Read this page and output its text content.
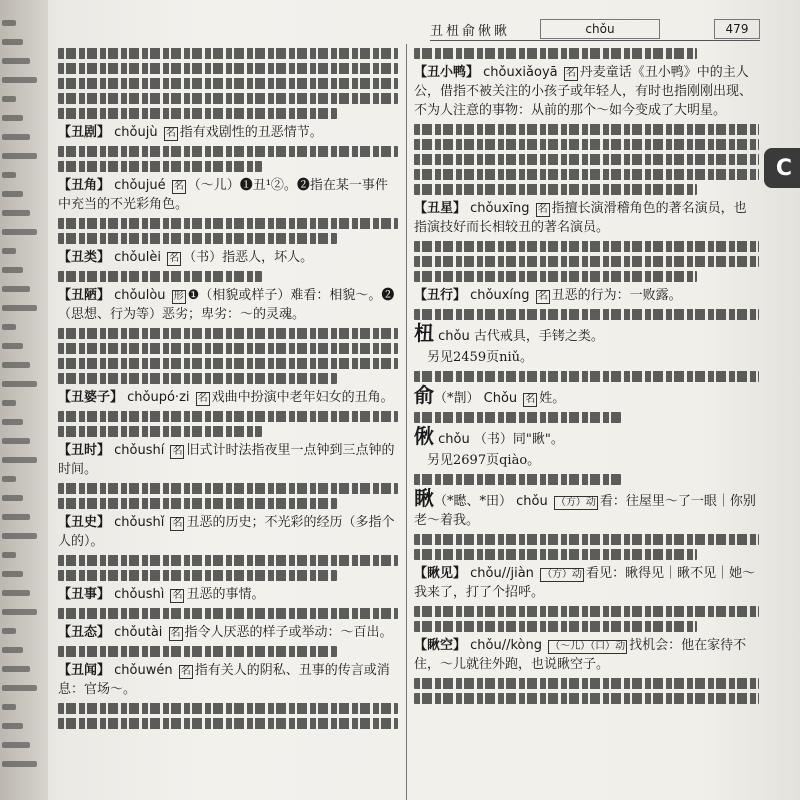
丑杻俞偢瞅	chǒu	479
【丑剧】 chǒujù 名 指有戏剧性的丑恶情节。
【丑角】 chǒujué 名 （～儿）❶丑¹②。❷指在某一事件中充当的不光彩角色。
【丑类】 chǒulèi 名 （书）指恶人，坏人。
【丑陋】 chǒulòu 形 ❶（相貌或样子）难看：相貌～。❷（思想、行为等）恶劣；卑劣：～的灵魂。
【丑婆子】 chǒupó·zi 名 戏曲中扮演中老年妇女的丑角。
【丑时】 chǒushí 名 旧式计时法指夜里一点钟到三点钟的时间。
【丑史】 chǒushǐ 名 丑恶的历史；不光彩的经历（多指个人的）。
【丑事】 chǒushì 名 丑恶的事情。
【丑态】 chǒutài 名 指令人厌恶的样子或举动：～百出。
【丑闻】 chǒuwén 名 指有关人的阴私、丑事的传言或消息：官场～。
【丑小鸭】 chǒuxiǎoyā 名 丹麦童话《丑小鸭》中的主人公，借指不被关注的小孩子或年轻人，有时也指刚刚出现、不为人注意的事物：从前的那个～如今变成了大明星。
【丑星】 chǒuxīng 名 指擅长演滑稽角色的著名演员，也指演技好而长相较丑的著名演员。
【丑行】 chǒuxíng 名 丑恶的行为：一败露。
杻 chǒu 古代戒具，手铐之类。
　另见2459页niǔ。
俞（*剒） Chǒu 名 姓。
偢 chǒu （书）同"瞅"。
　另见2697页qiào。
瞅（*矁、*田） chǒu （方）动 看：往屋里～了一眼｜你别老～着我。
【瞅见】 chǒu//jiàn （方）动 看见：瞅得见｜瞅不见｜她～我来了，打了个招呼。
【瞅空】 chǒu//kòng （～儿）（口）动 找机会：他在家待不住，～儿就往外跑，也说瞅空子。
C
